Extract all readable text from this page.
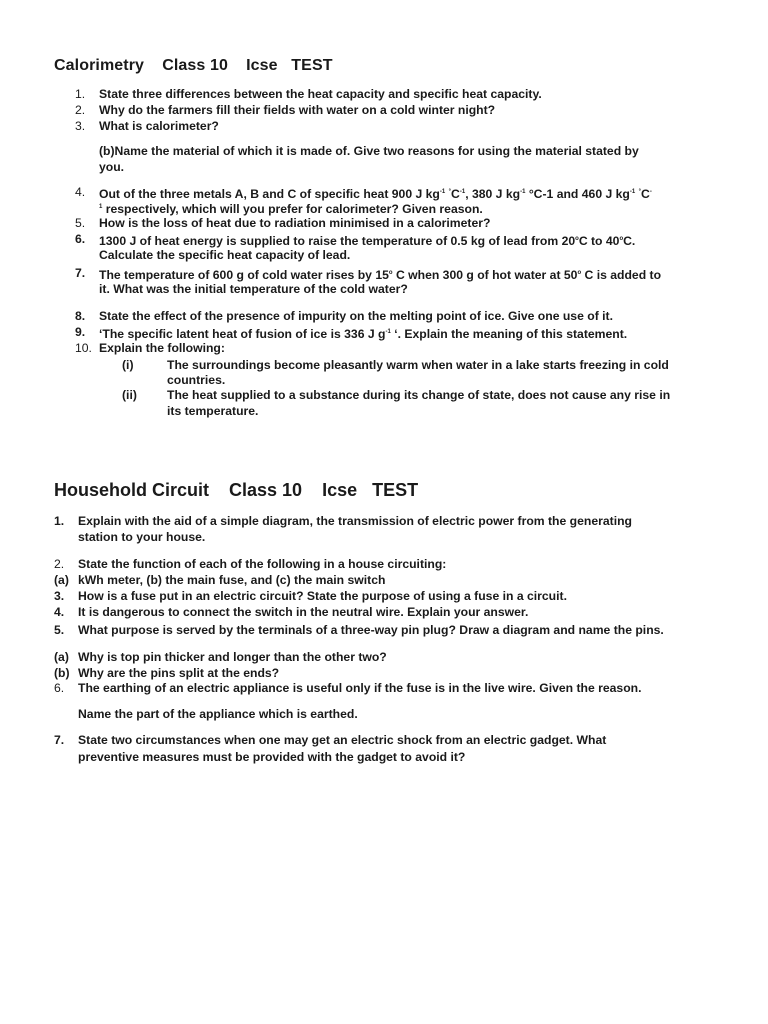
Calorimetry    Class 10    Icse   TEST
1. State three differences between the heat capacity and specific heat capacity.
2. Why do the farmers fill their fields with water on a cold winter night?
3. What is calorimeter?
(b)Name the material of which it is made of. Give two reasons for using the material stated by
you.
4. Out of the three metals A, B and C of specific heat 900 J $kg^{-1}$ $^\circ C^{-1}$, 380 J $kg^{-1}$ °C-1 and 460 J $kg^{-1}$ °C-
$^1$ respectively, which will you prefer for calorimeter? Given reason.
5. How is the loss of heat due to radiation minimised in a calorimeter?
6. 1300 J of heat energy is supplied to raise the temperature of 0.5 kg of lead from 20$^o$C to 40$^o$C.
Calculate the specific heat capacity of lead.
7. The temperature of 600 g of cold water rises by 15$^o$ C when 300 g of hot water at 50$^o$ C is added to
it. What was the initial temperature of the cold water?
8. State the effect of the presence of impurity on the melting point of ice. Give one use of it.
9. ‘The specific latent heat of fusion of ice is 336 J $g^{-1}$ ‘. Explain the meaning of this statement.
10. Explain the following:
(i)	The surroundings become pleasantly warm when water in a lake starts freezing in cold
countries.
(ii) The heat supplied to a substance during its change of state, does not cause any rise in
its temperature.
Household Circuit    Class 10    Icse   TEST
1. Explain with the aid of a simple diagram, the transmission of electric power from the generating
station to your house.
2. State the function of each of the following in a house circuiting:
(a) kWh meter, (b) the main fuse, and (c) the main switch
3. How is a fuse put in an electric circuit? State the purpose of using a fuse in a circuit.
4. It is dangerous to connect the switch in the neutral wire. Explain your answer.
5. What purpose is served by the terminals of a three-way pin plug? Draw a diagram and name the pins.
(a) Why is top pin thicker and longer than the other two?
(b) Why are the pins split at the ends?
6. The earthing of an electric appliance is useful only if the fuse is in the live wire. Given the reason.
Name the part of the appliance which is earthed.
7. State two circumstances when one may get an electric shock from an electric gadget. What
preventive measures must be provided with the gadget to avoid it?
